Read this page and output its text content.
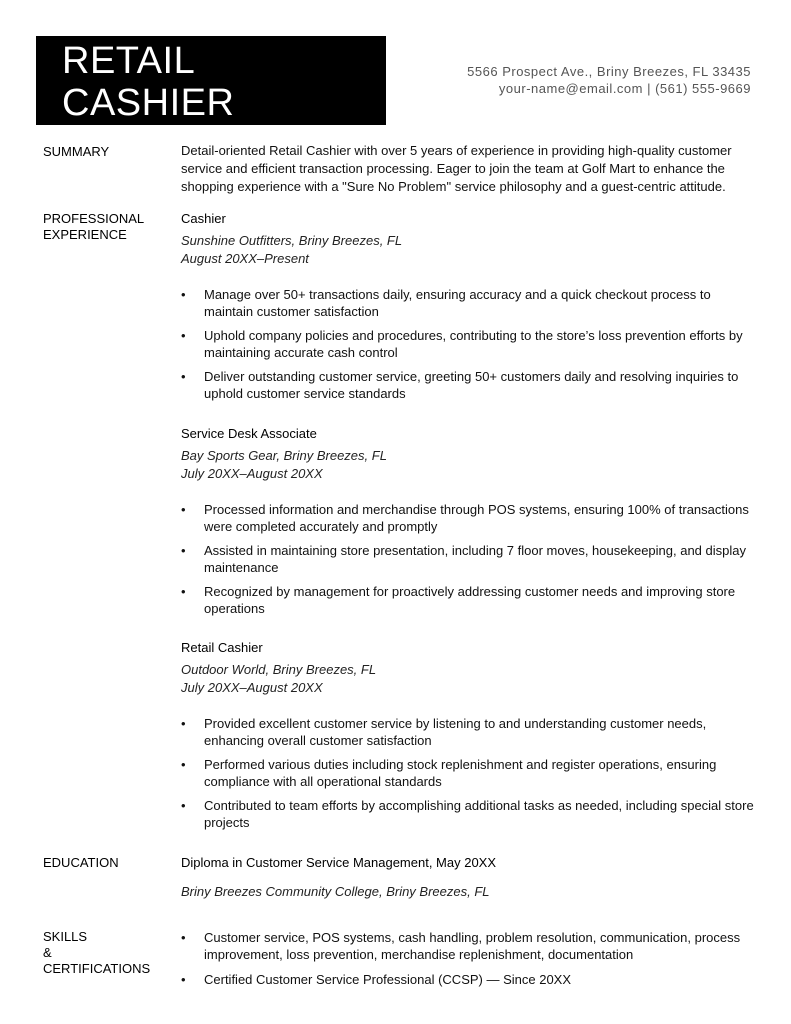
RETAIL
CASHIER
5566 Prospect Ave., Briny Breezes, FL 33435
your-name@email.com | (561) 555-9669
SUMMARY	Detail-oriented Retail Cashier with over 5 years of experience in providing high-quality customer service and efficient transaction processing. Eager to join the team at Golf Mart to enhance the shopping experience with a "Sure No Problem" service philosophy and a guest-centric attitude.
PROFESSIONAL
EXPERIENCE
Cashier
Sunshine Outfitters, Briny Breezes, FL
August 20XX–Present
• Manage over 50+ transactions daily, ensuring accuracy and a quick checkout process to maintain customer satisfaction
• Uphold company policies and procedures, contributing to the store’s loss prevention efforts by maintaining accurate cash control
• Deliver outstanding customer service, greeting 50+ customers daily and resolving inquiries to uphold customer service standards
Service Desk Associate
Bay Sports Gear, Briny Breezes, FL
July 20XX–August 20XX
• Processed information and merchandise through POS systems, ensuring 100% of transactions were completed accurately and promptly
• Assisted in maintaining store presentation, including 7 floor moves, housekeeping, and display maintenance
• Recognized by management for proactively addressing customer needs and improving store operations
Retail Cashier
Outdoor World, Briny Breezes, FL
July 20XX–August 20XX
• Provided excellent customer service by listening to and understanding customer needs, enhancing overall customer satisfaction
• Performed various duties including stock replenishment and register operations, ensuring compliance with all operational standards
• Contributed to team efforts by accomplishing additional tasks as needed, including special store projects
EDUCATION	Diploma in Customer Service Management, May 20XX
Briny Breezes Community College, Briny Breezes, FL
SKILLS
&
CERTIFICATIONS
• Customer service, POS systems, cash handling, problem resolution, communication, process improvement, loss prevention, merchandise replenishment, documentation
• Certified Customer Service Professional (CCSP) — Since 20XX
